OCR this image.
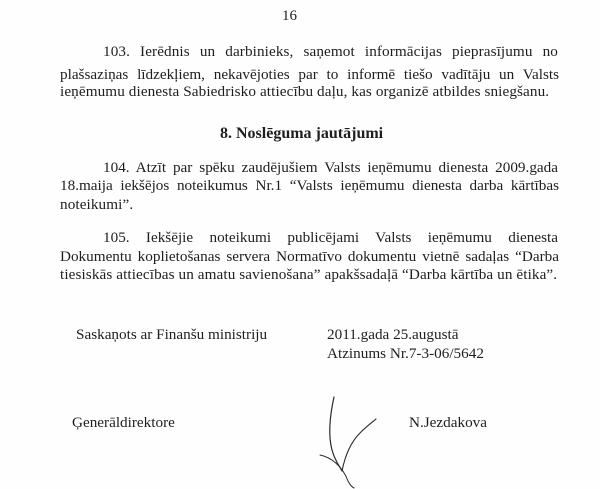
16
103. Ierēdnis un darbinieks, saņemot informācijas pieprasījumu no
plašsaziņas līdzekļiem, nekavējoties par to informē tiešo vadītāju un Valsts
ieņēmumu dienesta Sabiedrisko attiecību daļu, kas organizē atbildes sniegšanu.
8. Noslēguma jautājumi
104. Atzīt par spēku zaudējušiem Valsts ieņēmumu dienesta 2009.gada
18.maija iekšējos noteikumus Nr.1 “Valsts ieņēmumu dienesta darba kārtības
noteikumi”.
105. Iekšējie noteikumi publicējami Valsts ieņēmumu dienesta
Dokumentu koplietošanas servera Normatīvo dokumentu vietnē sadaļas “Darba
tiesiskās attiecības un amatu savienošana” apakšsadaļā “Darba kārtība un ētika”.
Saskaņots ar Finanšu ministriju	2011.gada 25.augustā
Atzinums Nr.7-3-06/5642
Ģenerāldirektore	N.Jezdakova
